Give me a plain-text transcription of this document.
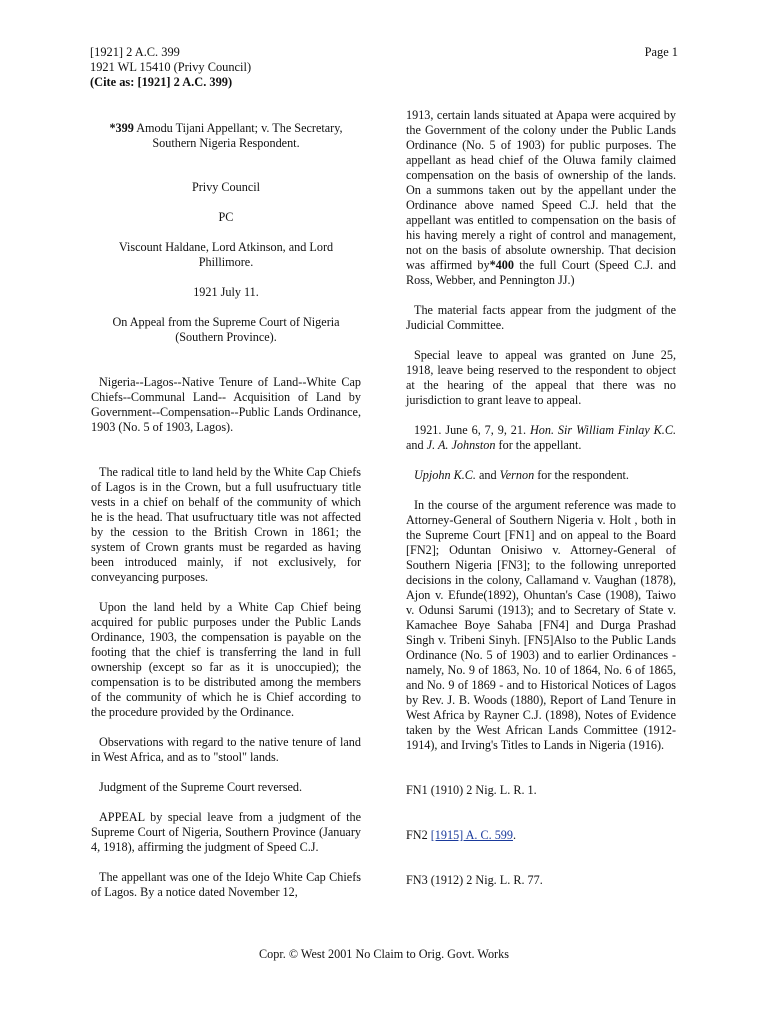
[1921] 2 A.C. 399
1921 WL 15410 (Privy Council)
(Cite as: [1921] 2 A.C. 399)
Page 1

*399 Amodu Tijani Appellant; v. The Secretary, Southern Nigeria Respondent.

Privy Council

PC

Viscount Haldane, Lord Atkinson, and Lord Phillimore.

1921 July 11.

On Appeal from the Supreme Court of Nigeria (Southern Province).

Nigeria--Lagos--Native Tenure of Land--White Cap Chiefs--Communal Land-- Acquisition of Land by Government--Compensation--Public Lands Ordinance, 1903 (No. 5 of 1903, Lagos).

The radical title to land held by the White Cap Chiefs of Lagos is in the Crown, but a full usufructuary title vests in a chief on behalf of the community of which he is the head. That usufructuary title was not affected by the cession to the British Crown in 1861; the system of Crown grants must be regarded as having been introduced mainly, if not exclusively, for conveyancing purposes.

Upon the land held by a White Cap Chief being acquired for public purposes under the Public Lands Ordinance, 1903, the compensation is payable on the footing that the chief is transferring the land in full ownership (except so far as it is unoccupied); the compensation is to be distributed among the members of the community of which he is Chief according to the procedure provided by the Ordinance.

Observations with regard to the native tenure of land in West Africa, and as to "stool" lands.

Judgment of the Supreme Court reversed.

APPEAL by special leave from a judgment of the Supreme Court of Nigeria, Southern Province (January 4, 1918), affirming the judgment of Speed C.J.

The appellant was one of the Idejo White Cap Chiefs of Lagos. By a notice dated November 12,

1913, certain lands situated at Apapa were acquired by the Government of the colony under the Public Lands Ordinance (No. 5 of 1903) for public purposes. The appellant as head chief of the Oluwa family claimed compensation on the basis of ownership of the lands. On a summons taken out by the appellant under the Ordinance above named Speed C.J. held that the appellant was entitled to compensation on the basis of his having merely a right of control and management, not on the basis of absolute ownership. That decision was affirmed by*400 the full Court (Speed C.J. and Ross, Webber, and Pennington JJ.)

The material facts appear from the judgment of the Judicial Committee.

Special leave to appeal was granted on June 25, 1918, leave being reserved to the respondent to object at the hearing of the appeal that there was no jurisdiction to grant leave to appeal.

1921. June 6, 7, 9, 21. Hon. Sir William Finlay K.C. and J. A. Johnston for the appellant.

Upjohn K.C. and Vernon for the respondent.

In the course of the argument reference was made to Attorney-General of Southern Nigeria v. Holt , both in the Supreme Court [FN1] and on appeal to the Board [FN2]; Oduntan Onisiwo v. Attorney-General of Southern Nigeria [FN3]; to the following unreported decisions in the colony, Callamand v. Vaughan (1878), Ajon v. Efunde(1892), Ohuntan's Case (1908), Taiwo v. Odunsi Sarumi (1913); and to Secretary of State v. Kamachee Boye Sahaba [FN4] and Durga Prashad Singh v. Tribeni Sinyh. [FN5]Also to the Public Lands Ordinance (No. 5 of 1903) and to earlier Ordinances - namely, No. 9 of 1863, No. 10 of 1864, No. 6 of 1865, and No. 9 of 1869 - and to Historical Notices of Lagos by Rev. J. B. Woods (1880), Report of Land Tenure in West Africa by Rayner C.J. (1898), Notes of Evidence taken by the West African Lands Committee (1912-1914), and Irving's Titles to Lands in Nigeria (1916).

FN1 (1910) 2 Nig. L. R. 1.

FN2 [1915] A. C. 599.

FN3 (1912) 2 Nig. L. R. 77.

Copr. © West 2001 No Claim to Orig. Govt. Works
